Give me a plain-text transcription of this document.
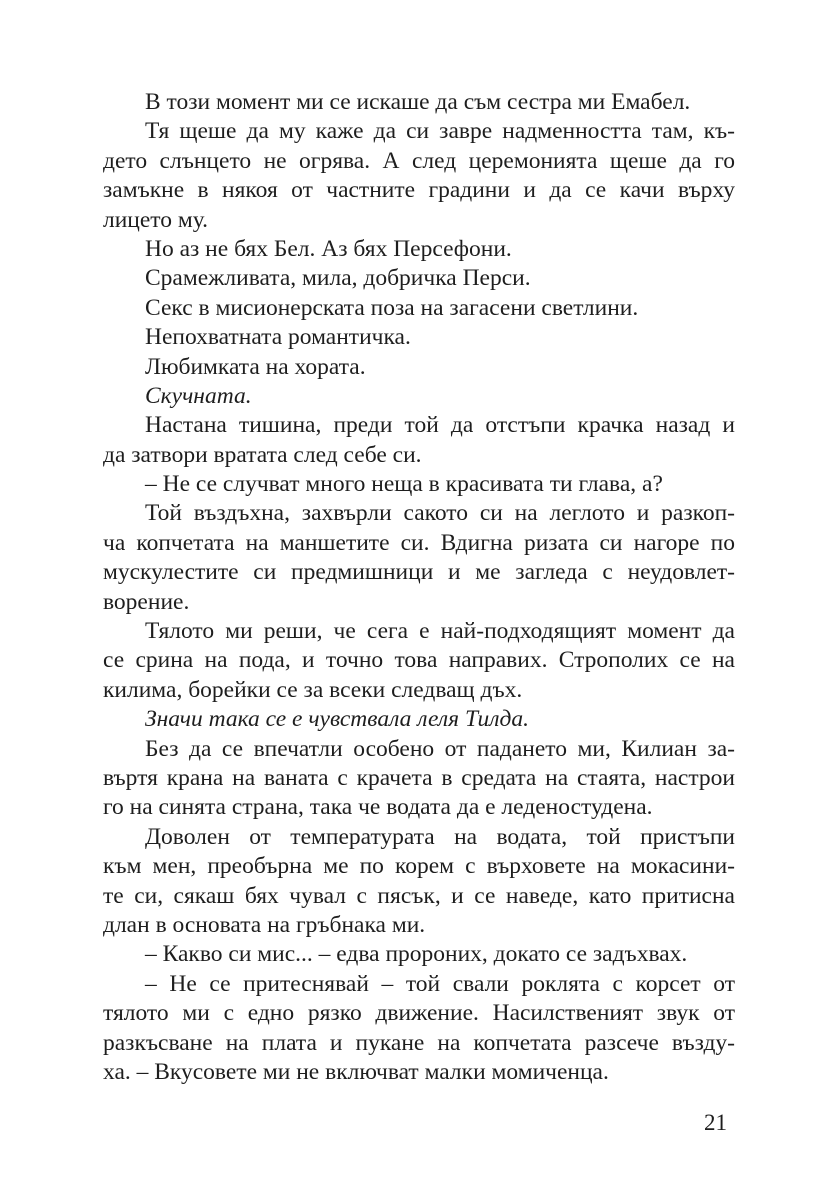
В този момент ми се искаше да съм сестра ми Емабел.
Тя щеше да му каже да си завре надменността там, къ-
дето слънцето не огрява. А след церемонията щеше да го
замъкне в някоя от частните градини и да се качи върху
лицето му.
Но аз не бях Бел. Аз бях Персефони.
Срамежливата, мила, добричка Перси.
Секс в мисионерската поза на загасени светлини.
Непохватната романтичка.
Любимката на хората.
Скучната.
Настана тишина, преди той да отстъпи крачка назад и
да затвори вратата след себе си.
– Не се случват много неща в красивата ти глава, а?
Той въздъхна, захвърли сакото си на леглото и разкоп-
ча копчетата на маншетите си. Вдигна ризата си нагоре по
мускулестите си предмишници и ме загледа с неудовлет-
ворение.
Тялото ми реши, че сега е най-подходящият момент да
се срина на пода, и точно това направих. Строполих се на
килима, борейки се за всеки следващ дъх.
Значи така се е чувствала леля Тилда.
Без да се впечатли особено от падането ми, Килиан за-
въртя крана на ваната с крачета в средата на стаята, настрои
го на синята страна, така че водата да е леденостудена.
Доволен от температурата на водата, той пристъпи
към мен, преобърна ме по корем с върховете на мокасини-
те си, сякаш бях чувал с пясък, и се наведе, като притисна
длан в основата на гръбнака ми.
– Какво си мис... – едва пророних, докато се задъхвах.
– Не се притеснявай – той свали роклята с корсет от
тялото ми с едно рязко движение. Насилственият звук от
разкъсване на плата и пукане на копчетата разсече възду-
ха. – Вкусовете ми не включват малки момиченца.
21
